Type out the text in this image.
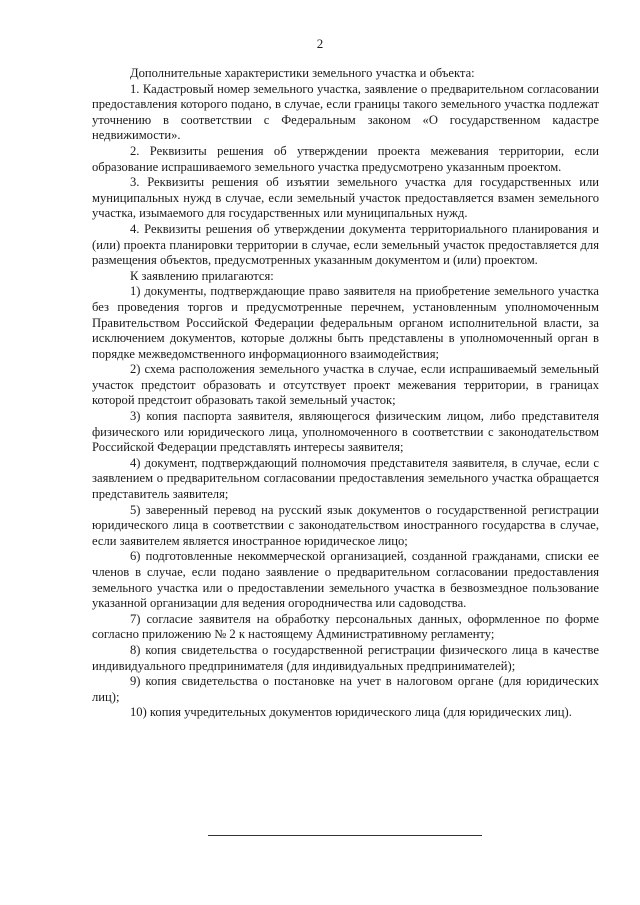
2

Дополнительные характеристики земельного участка и объекта:

1. Кадастровый номер земельного участка, заявление о предварительном согласовании предоставления которого подано, в случае, если границы такого земельного участка подлежат уточнению в соответствии с Федеральным законом «О государственном кадастре недвижимости».

2. Реквизиты решения об утверждении проекта межевания территории, если образование испрашиваемого земельного участка предусмотрено указанным проектом.

3. Реквизиты решения об изъятии земельного участка для государственных или муниципальных нужд в случае, если земельный участок предоставляется взамен земельного участка, изымаемого для государственных или муниципальных нужд.

4. Реквизиты решения об утверждении документа территориального планирования и (или) проекта планировки территории в случае, если земельный участок предоставляется для размещения объектов, предусмотренных указанным документом и (или) проектом.

К заявлению прилагаются:

1) документы, подтверждающие право заявителя на приобретение земельного участка без проведения торгов и предусмотренные перечнем, установленным уполномоченным Правительством Российской Федерации федеральным органом исполнительной власти, за исключением документов, которые должны быть представлены в уполномоченный орган в порядке межведомственного информационного взаимодействия;

2) схема расположения земельного участка в случае, если испрашиваемый земельный участок предстоит образовать и отсутствует проект межевания территории, в границах которой предстоит образовать такой земельный участок;

3) копия паспорта заявителя, являющегося физическим лицом, либо представителя физического или юридического лица, уполномоченного в соответствии с законодательством Российской Федерации представлять интересы заявителя;

4) документ, подтверждающий полномочия представителя заявителя, в случае, если с заявлением о предварительном согласовании предоставления земельного участка обращается представитель заявителя;

5) заверенный перевод на русский язык документов о государственной регистрации юридического лица в соответствии с законодательством иностранного государства в случае, если заявителем является иностранное юридическое лицо;

6) подготовленные некоммерческой организацией, созданной гражданами, списки ее членов в случае, если подано заявление о предварительном согласовании предоставления земельного участка или о предоставлении земельного участка в безвозмездное пользование указанной организации для ведения огородничества или садоводства.

7) согласие заявителя на обработку персональных данных, оформленное по форме согласно приложению № 2 к настоящему Административному регламенту;

8) копия свидетельства о государственной регистрации физического лица в качестве индивидуального предпринимателя (для индивидуальных предпринимателей);

9) копия свидетельства о постановке на учет в налоговом органе (для юридических лиц);

10) копия учредительных документов юридического лица (для юридических лиц).
